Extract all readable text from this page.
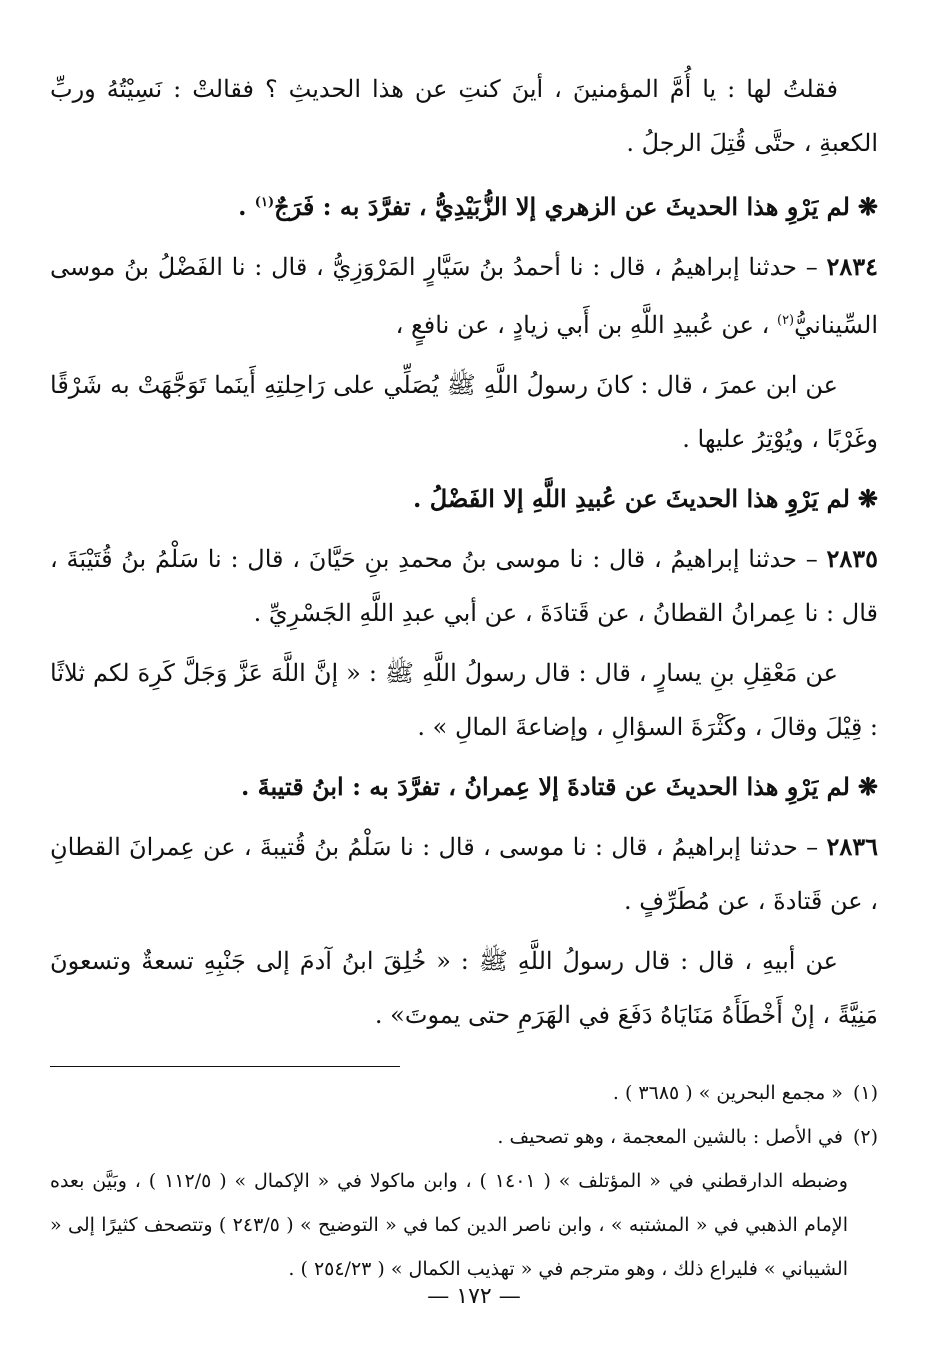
فقلتُ لها : يا أُمَّ المؤمنينَ ، أينَ كنتِ عن هذا الحديثِ ؟ فقالتْ : نَسِيْتُهُ وربِّ الكعبةِ ، حتَّى قُتِلَ الرجلُ .

❋لم يَرْوِ هذا الحديثَ عن الزهري إلا الزُّبَيْدِيُّ ، تفرَّدَ به : فَرَجٌ$^{(١)}$ .

٢٨٣٤ – حدثنا إبراهيمُ ، قال : نا أحمدُ بنُ سَيَّارٍ المَرْوَزِيُّ ، قال : نا الفَضْلُ بنُ موسى السِّينانيُّ$^{(٢)}$ ، عن عُبيدِ اللَّهِ بن أَبي زيادٍ ، عن نافعٍ ،

عن ابن عمرَ ، قال : كانَ رسولُ اللَّهِ ﷺ يُصَلِّي على رَاحِلتِهِ أَينَما تَوَجَّهَتْ به شَرْقًا وغَرْبًا ، ويُوْتِرُ عليها .

❋لم يَرْوِ هذا الحديثَ عن عُبيدِ اللَّهِ إلا الفَضْلُ .

٢٨٣٥ – حدثنا إبراهيمُ ، قال : نا موسى بنُ محمدِ بنِ حَيَّانَ ، قال : نا سَلْمُ بنُ قُتَيْبَةَ ، قال : نا عِمرانُ القطانُ ، عن قَتادَةَ ، عن أبي عبدِ اللَّهِ الجَسْرِيِّ .

عن مَعْقِلِ بنِ يسارٍ ، قال : قال رسولُ اللَّهِ ﷺ : « إنَّ اللَّهَ عَزَّ وَجَلَّ كَرِهَ لكم ثلاثًا : قِيْلَ وقالَ ، وكَثْرَةَ السؤالِ ، وإضاعةَ المالِ » .

❋لم يَرْوِ هذا الحديثَ عن قتادةَ إلا عِمرانُ ، تفرَّدَ به : ابنُ قتيبةَ .

٢٨٣٦ – حدثنا إبراهيمُ ، قال : نا موسى ، قال : نا سَلْمُ بنُ قُتيبةَ ، عن عِمرانَ القطانِ ، عن قَتادةَ ، عن مُطَرِّفٍ .

عن أبيهِ ، قال : قال رسولُ اللَّهِ ﷺ : « خُلِقَ ابنُ آدمَ إلى جَنْبِهِ تسعةٌ وتسعونَ مَنِيَّةً ، إنْ أَخْطَأَهُ مَنَايَاهُ دَفَعَ في الهَرَمِ حتى يموتَ» .

(١)« مجمع البحرين » ( ٣٦٨٥ ) .

(٢)في الأصل : بالشين المعجمة ، وهو تصحيف .

وضبطه الدارقطني في « المؤتلف » ( ١٤٠١ ) ، وابن ماكولا في « الإكمال » ( ١١٢/٥ ) ، وبَيَّن بعده الإمام الذهبي في « المشتبه » ، وابن ناصر الدين كما في « التوضيح » ( ٢٤٣/٥ ) وتتصحف كثيرًا إلى « الشيباني » فليراع ذلك ، وهو مترجم في « تهذيب الكمال » ( ٢٥٤/٢٣ ) .

— ١٧٢ —
